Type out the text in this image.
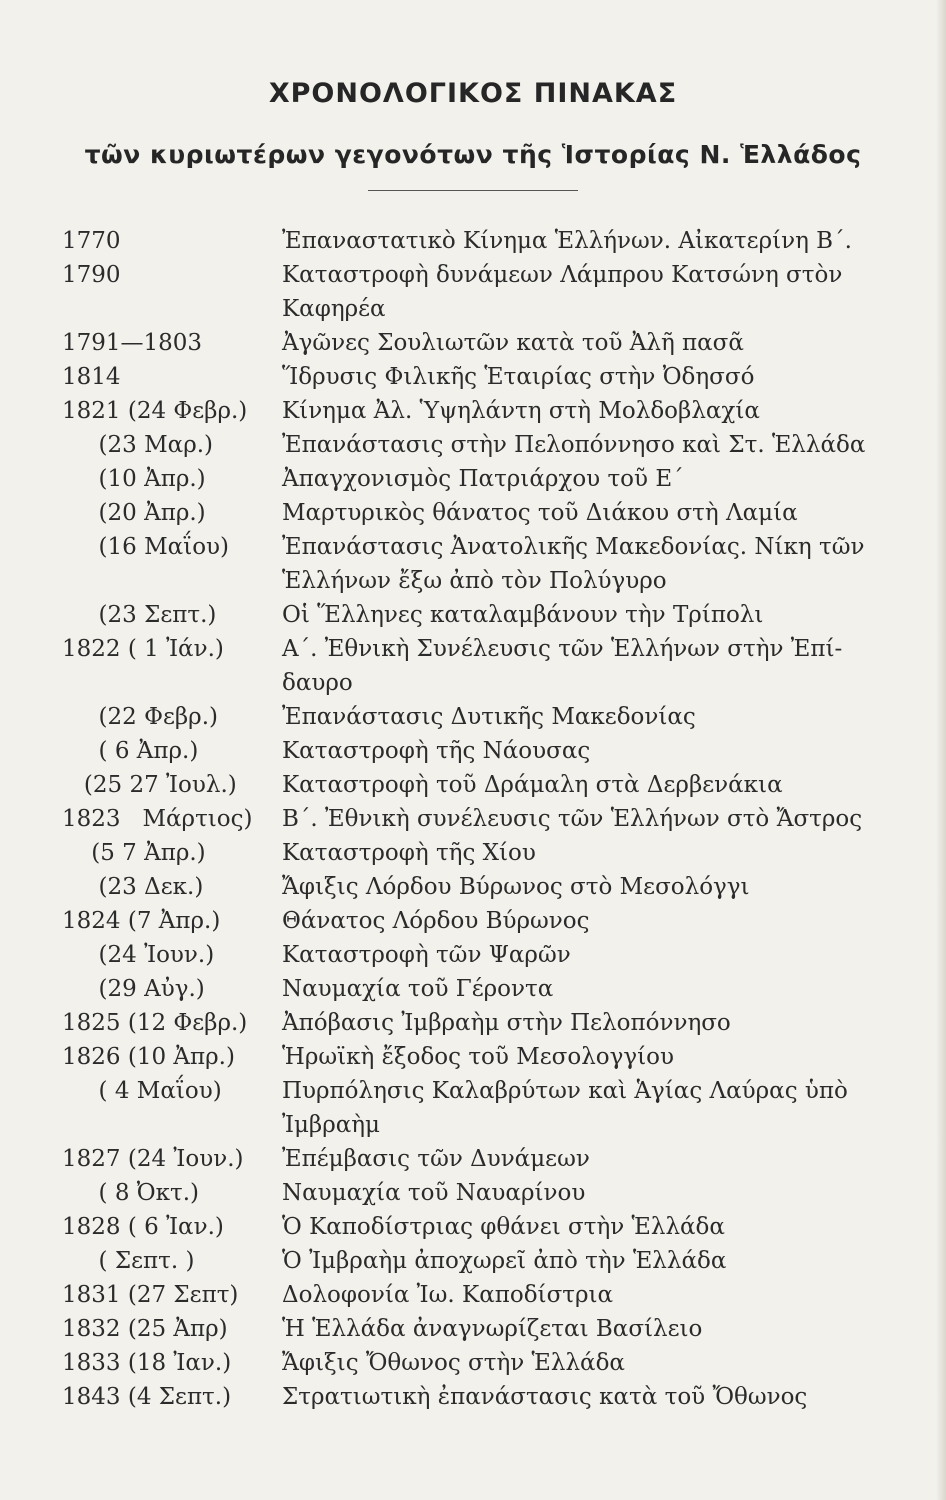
ΧΡΟΝΟΛΟΓΙΚΟΣ ΠΙΝΑΚΑΣ
τῶν κυριωτέρων γεγονότων τῆς Ἱστορίας Ν. Ἑλλάδος
1770	Ἐπαναστατικὸ Κίνημα Ἑλλήνων. Αἰκατερίνη Β΄.
1790	Καταστροφὴ δυνάμεων Λάμπρου Κατσώνη στὸν
Καφηρέα
1791—1803	Ἀγῶνες Σουλιωτῶν κατὰ τοῦ Ἀλῆ πασᾶ
1814	Ἵδρυσις Φιλικῆς Ἑταιρίας στὴν Ὀδησσό
1821 (24 Φεβρ.)	Κίνημα Ἀλ. Ὑψηλάντη στὴ Μολδοβλαχία
(23 Μαρ.)	Ἐπανάστασις στὴν Πελοπόννησο καὶ Στ. Ἑλλάδα
(10 Ἀπρ.)	Ἀπαγχονισμὸς Πατριάρχου τοῦ Ε΄
(20 Ἀπρ.)	Μαρτυρικὸς θάνατος τοῦ Διάκου στὴ Λαμία
(16 Μαΐου)	Ἐπανάστασις Ἀνατολικῆς Μακεδονίας. Νίκη τῶν
Ἑλλήνων ἔξω ἀπὸ τὸν Πολύγυρο
(23 Σεπτ.)	Οἱ Ἕλληνες καταλαμβάνουν τὴν Τρίπολι
1822 ( 1 Ἰάν.)	Α΄. Ἐθνικὴ Συνέλευσις τῶν Ἑλλήνων στὴν Ἐπί-
δαυρο
(22 Φεβρ.)	Ἐπανάστασις Δυτικῆς Μακεδονίας
( 6 Ἀπρ.)	Καταστροφὴ τῆς Νάουσας
(25 27 Ἰουλ.)	Καταστροφὴ τοῦ Δράμαλη στὰ Δερβενάκια
1823   Μάρτιος)	Β΄. Ἐθνικὴ συνέλευσις τῶν Ἑλλήνων στὸ Ἄστρος
(5 7 Ἀπρ.)	Καταστροφὴ τῆς Χίου
(23 Δεκ.)	Ἄφιξις Λόρδου Βύρωνος στὸ Μεσολόγγι
1824 (7 Ἀπρ.)	Θάνατος Λόρδου Βύρωνος
(24 Ἰουν.)	Καταστροφὴ τῶν Ψαρῶν
(29 Αὐγ.)	Ναυμαχία τοῦ Γέροντα
1825 (12 Φεβρ.)	Ἀπόβασις Ἰμβραὴμ στὴν Πελοπόννησο
1826 (10 Ἀπρ.)	Ἡρωϊκὴ ἔξοδος τοῦ Μεσολογγίου
( 4 Μαΐου)	Πυρπόλησις Καλαβρύτων καὶ Ἁγίας Λαύρας ὑπὸ
Ἰμβραὴμ
1827 (24 Ἰουν.)	Ἐπέμβασις τῶν Δυνάμεων
( 8 Ὀκτ.)	Ναυμαχία τοῦ Ναυαρίνου
1828 ( 6 Ἰαν.)	Ὁ Καποδίστριας φθάνει στὴν Ἑλλάδα
( Σεπτ. )	Ὁ Ἰμβραὴμ ἀποχωρεῖ ἀπὸ τὴν Ἑλλάδα
1831 (27 Σεπτ)	Δολοφονία Ἰω. Καποδίστρια
1832 (25 Ἀπρ)	Ἡ Ἑλλάδα ἀναγνωρίζεται Βασίλειο
1833 (18 Ἰαν.)	Ἄφιξις Ὄθωνος στὴν Ἑλλάδα
1843 (4 Σεπτ.)	Στρατιωτικὴ ἐπανάστασις κατὰ τοῦ Ὄθωνος
